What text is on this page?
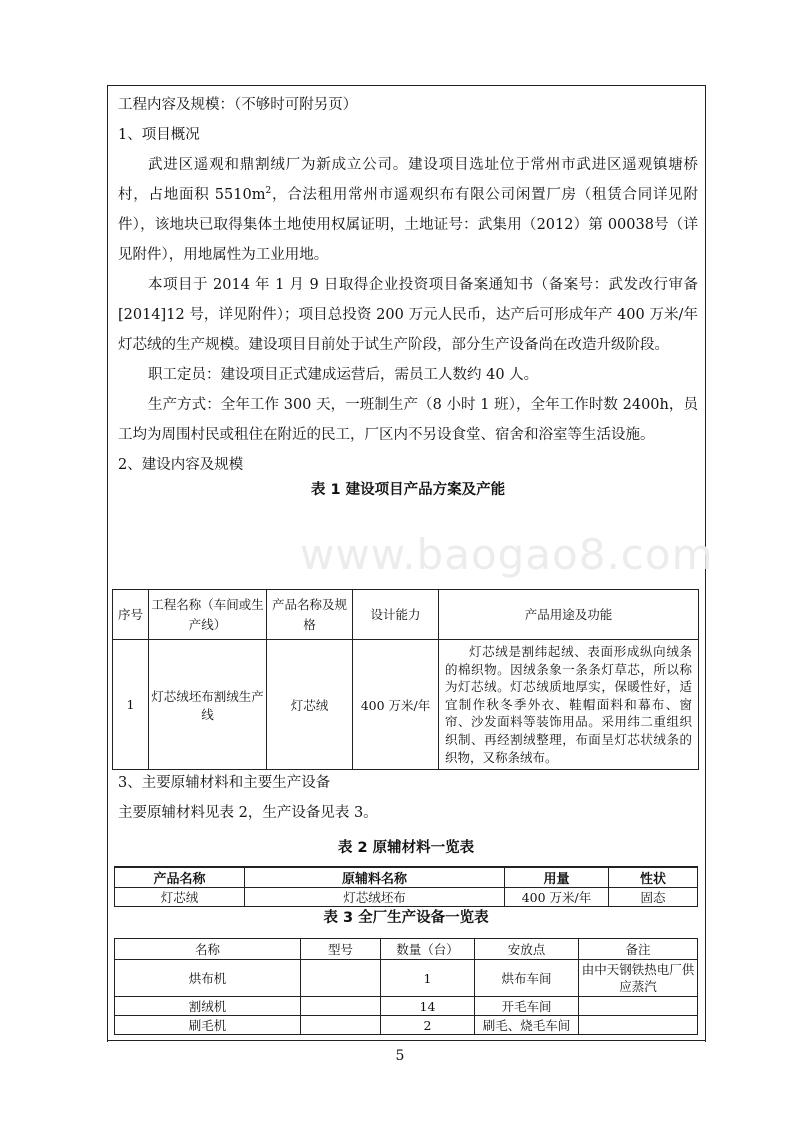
www.baogao8.com
工程内容及规模：（不够时可附另页）
1、项目概况

武进区遥观和鼎割绒厂为新成立公司。建设项目选址位于常州市武进区遥观镇塘桥村，占地面积 $5510m^2$，合法租用常州市遥观织布有限公司闲置厂房（租赁合同详见附件），该地块已取得集体土地使用权属证明，土地证号：武集用（2012）第 00038号（详见附件），用地属性为工业用地。

本项目于 2014 年 1 月 9 日取得企业投资项目备案通知书（备案号：武发改行审备[2014]12 号，详见附件）；项目总投资 200 万元人民币，达产后可形成年产 400 万米/年灯芯绒的生产规模。建设项目目前处于试生产阶段，部分生产设备尚在改造升级阶段。

职工定员：建设项目正式建成运营后，需员工人数约 40 人。

生产方式：全年工作 300 天，一班制生产（8 小时 1 班），全年工作时数 2400h，员工均为周围村民或租住在附近的民工，厂区内不另设食堂、宿舍和浴室等生活设施。

2、建设内容及规模
表 1 建设项目产品方案及产能
序号	工程名称（车间或生产线）	产品名称及规格	设计能力	产品用途及功能
1	灯芯绒坯布割绒生产线	灯芯绒	400 万米/年	灯芯绒是割纬起绒、表面形成纵向绒条的棉织物。因绒条象一条条灯草芯，所以称为灯芯绒。灯芯绒质地厚实，保暖性好，适宜制作秋冬季外衣、鞋帽面料和幕布、窗帘、沙发面料等装饰用品。采用纬二重组织织制、再经割绒整理，布面呈灯芯状绒条的织物，又称条绒布。
3、主要原辅材料和主要生产设备
主要原辅材料见表 2，生产设备见表 3。
表 2 原辅材料一览表
产品名称	原辅料名称	用量	性状
灯芯绒	灯芯绒坯布	400 万米/年	固态
表 3 全厂生产设备一览表
名称	型号	数量（台）	安放点	备注
烘布机		1	烘布车间	由中天钢铁热电厂供应蒸汽
割绒机		14	开毛车间	
刷毛机		2	刷毛、烧毛车间	
5
